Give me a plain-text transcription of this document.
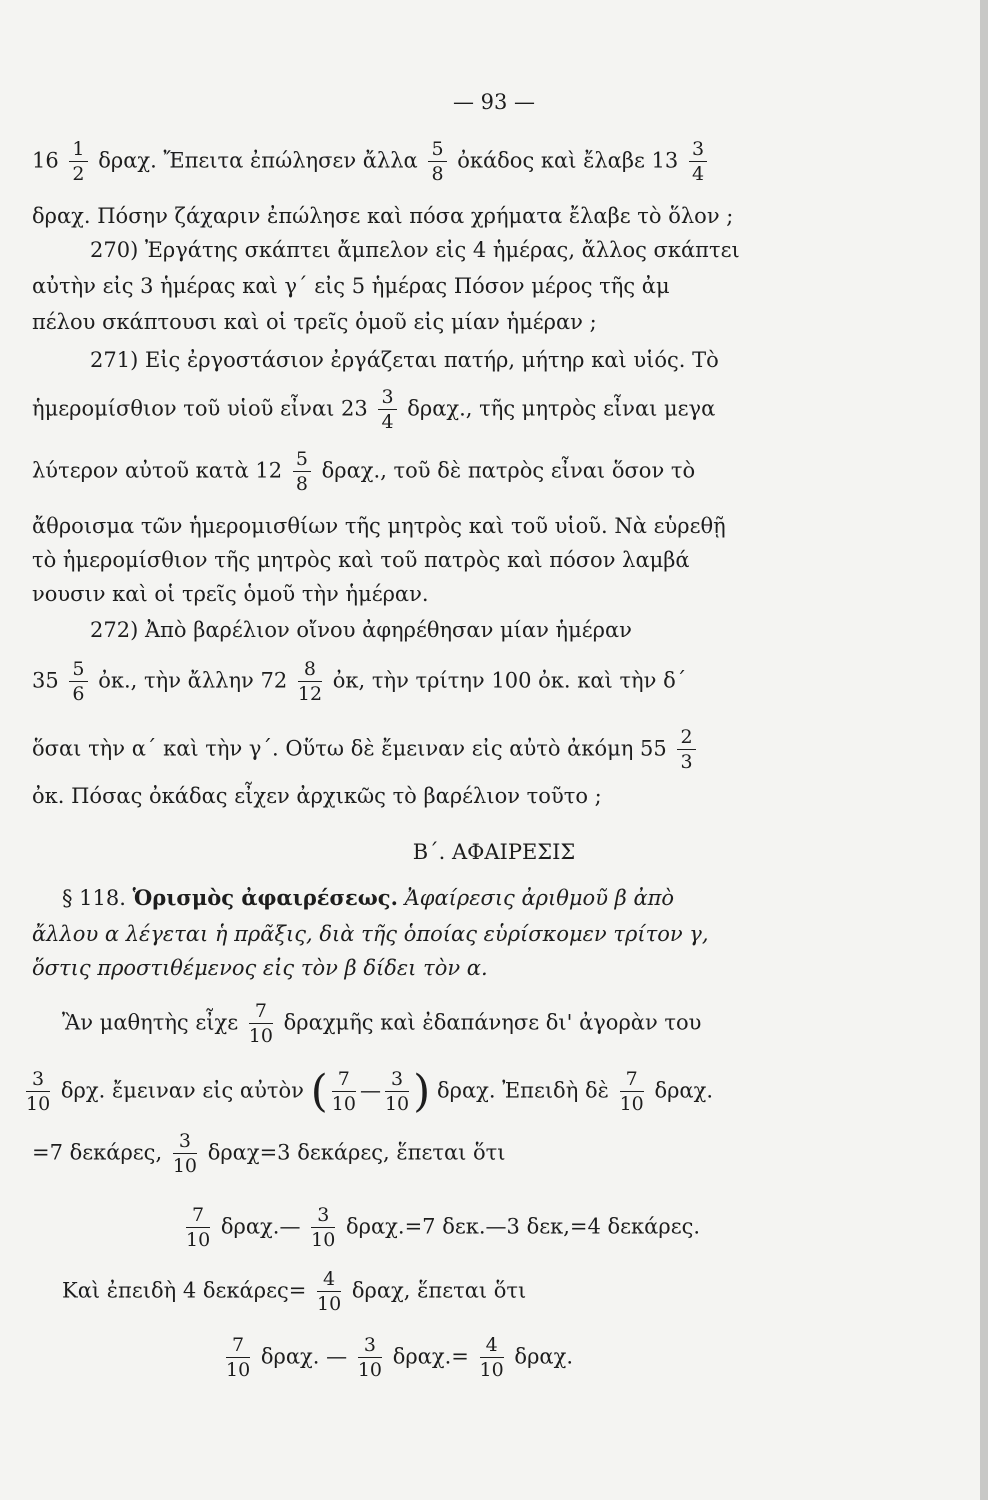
— 93 —
$16 \frac{1}{2} \delta\rho\alpha\chi$. Ἔπειτα ἐπώλησεν ἄλλα $\frac{5}{8}$ ὀκάδος καὶ ἔλαβε $13 \frac{3}{4}$
δραχ. Πόσην ζάχαριν ἐπώλησε καὶ πόσα χρήματα ἔλαβε τὸ ὅλον ;
270) Ἐργάτης σκάπτει ἄμπελον εἰς 4 ἡμέρας, ἄλλος σκάπτει
αὐτὴν εἰς 3 ἡμέρας καὶ γ΄ εἰς 5 ἡμέρας Πόσον μέρος τῆς ἀμ
πέλου σκάπτουσι καὶ οἱ τρεῖς ὁμοῦ εἰς μίαν ἡμέραν ;
271) Εἰς ἐργοστάσιον ἐργάζεται πατήρ, μήτηρ καὶ υἱός. Τὸ
ἡμερομίσθιον τοῦ υἱοῦ εἶναι $23 \frac{3}{4} \delta\rho\alpha\chi$., τῆς μητρὸς εἶναι μεγα
λύτερον αὐτοῦ κατὰ $12 \frac{5}{8} \delta\rho\alpha\chi$., τοῦ δὲ πατρὸς εἶναι ὅσον τὸ
ἄθροισμα τῶν ἡμερομισθίων τῆς μητρὸς καὶ τοῦ υἱοῦ. Νὰ εὑρεθῇ
τὸ ἡμερομίσθιον τῆς μητρὸς καὶ τοῦ πατρὸς καὶ πόσον λαμβά
νουσιν καὶ οἱ τρεῖς ὁμοῦ τὴν ἡμέραν.
272) Ἀπὸ βαρέλιον οἴνου ἀφηρέθησαν μίαν ἡμέραν
$35 \frac{5}{6}$ ὀκ., τὴν ἄλλην $72 \frac{8}{12}$ ὀκ, τὴν τρίτην 100 ὀκ. καὶ τὴν δ΄
ὅσαι τὴν α΄ καὶ τὴν γ΄. Οὕτω δὲ ἔμειναν εἰς αὐτὸ ἀκόμη $55 \frac{2}{3}$
ὀκ. Πόσας ὀκάδας εἶχεν ἀρχικῶς τὸ βαρέλιον τοῦτο ;
Β΄. ΑΦΑΙΡΕΣΙΣ
§ 118. Ὁρισμὸς ἀφαιρέσεως. Ἀφαίρεσις ἀριθμοῦ β ἀπὸ
ἄλλου α λέγεται ἡ πρᾶξις, διὰ τῆς ὁποίας εὑρίσκομεν τρίτον γ,
ὅστις προστιθέμενος εἰς τὸν β δίδει τὸν α.
Ἂν μαθητὴς εἶχε $\frac{7}{10}$ δραχμῆς καὶ ἐδαπάνησε δι' ἀγορὰν του
$\frac{3}{10} \delta\rho\chi$. ἔμειναν εἰς αὐτὸν ( $\frac{7}{10}$ — $\frac{3}{10}$ ) δραχ. Ἐπειδὴ δὲ $\frac{7}{10} \delta\rho\alpha\chi$.
=7 δεκάρες, $\frac{3}{10} \delta\rho\alpha\chi=3$ δεκάρες, ἕπεται ὅτι
$\frac{7}{10}$ δραχ.— $\frac{3}{10} \delta\rho\alpha\chi.=7$ δεκ.—3 δεκ,=4 δεκάρες.
Καὶ ἐπειδὴ 4 $\delta\varepsilon\kappa ά\rho\varepsilon\varsigma= \frac{4}{10} \delta\rho\alpha\chi$, ἕπεται ὅτι
$\frac{7}{10} \delta\rho\alpha\chi$. — $\frac{3}{10} \delta\rho\alpha\chi.= \frac{4}{10} \delta\rho\alpha\chi$.
